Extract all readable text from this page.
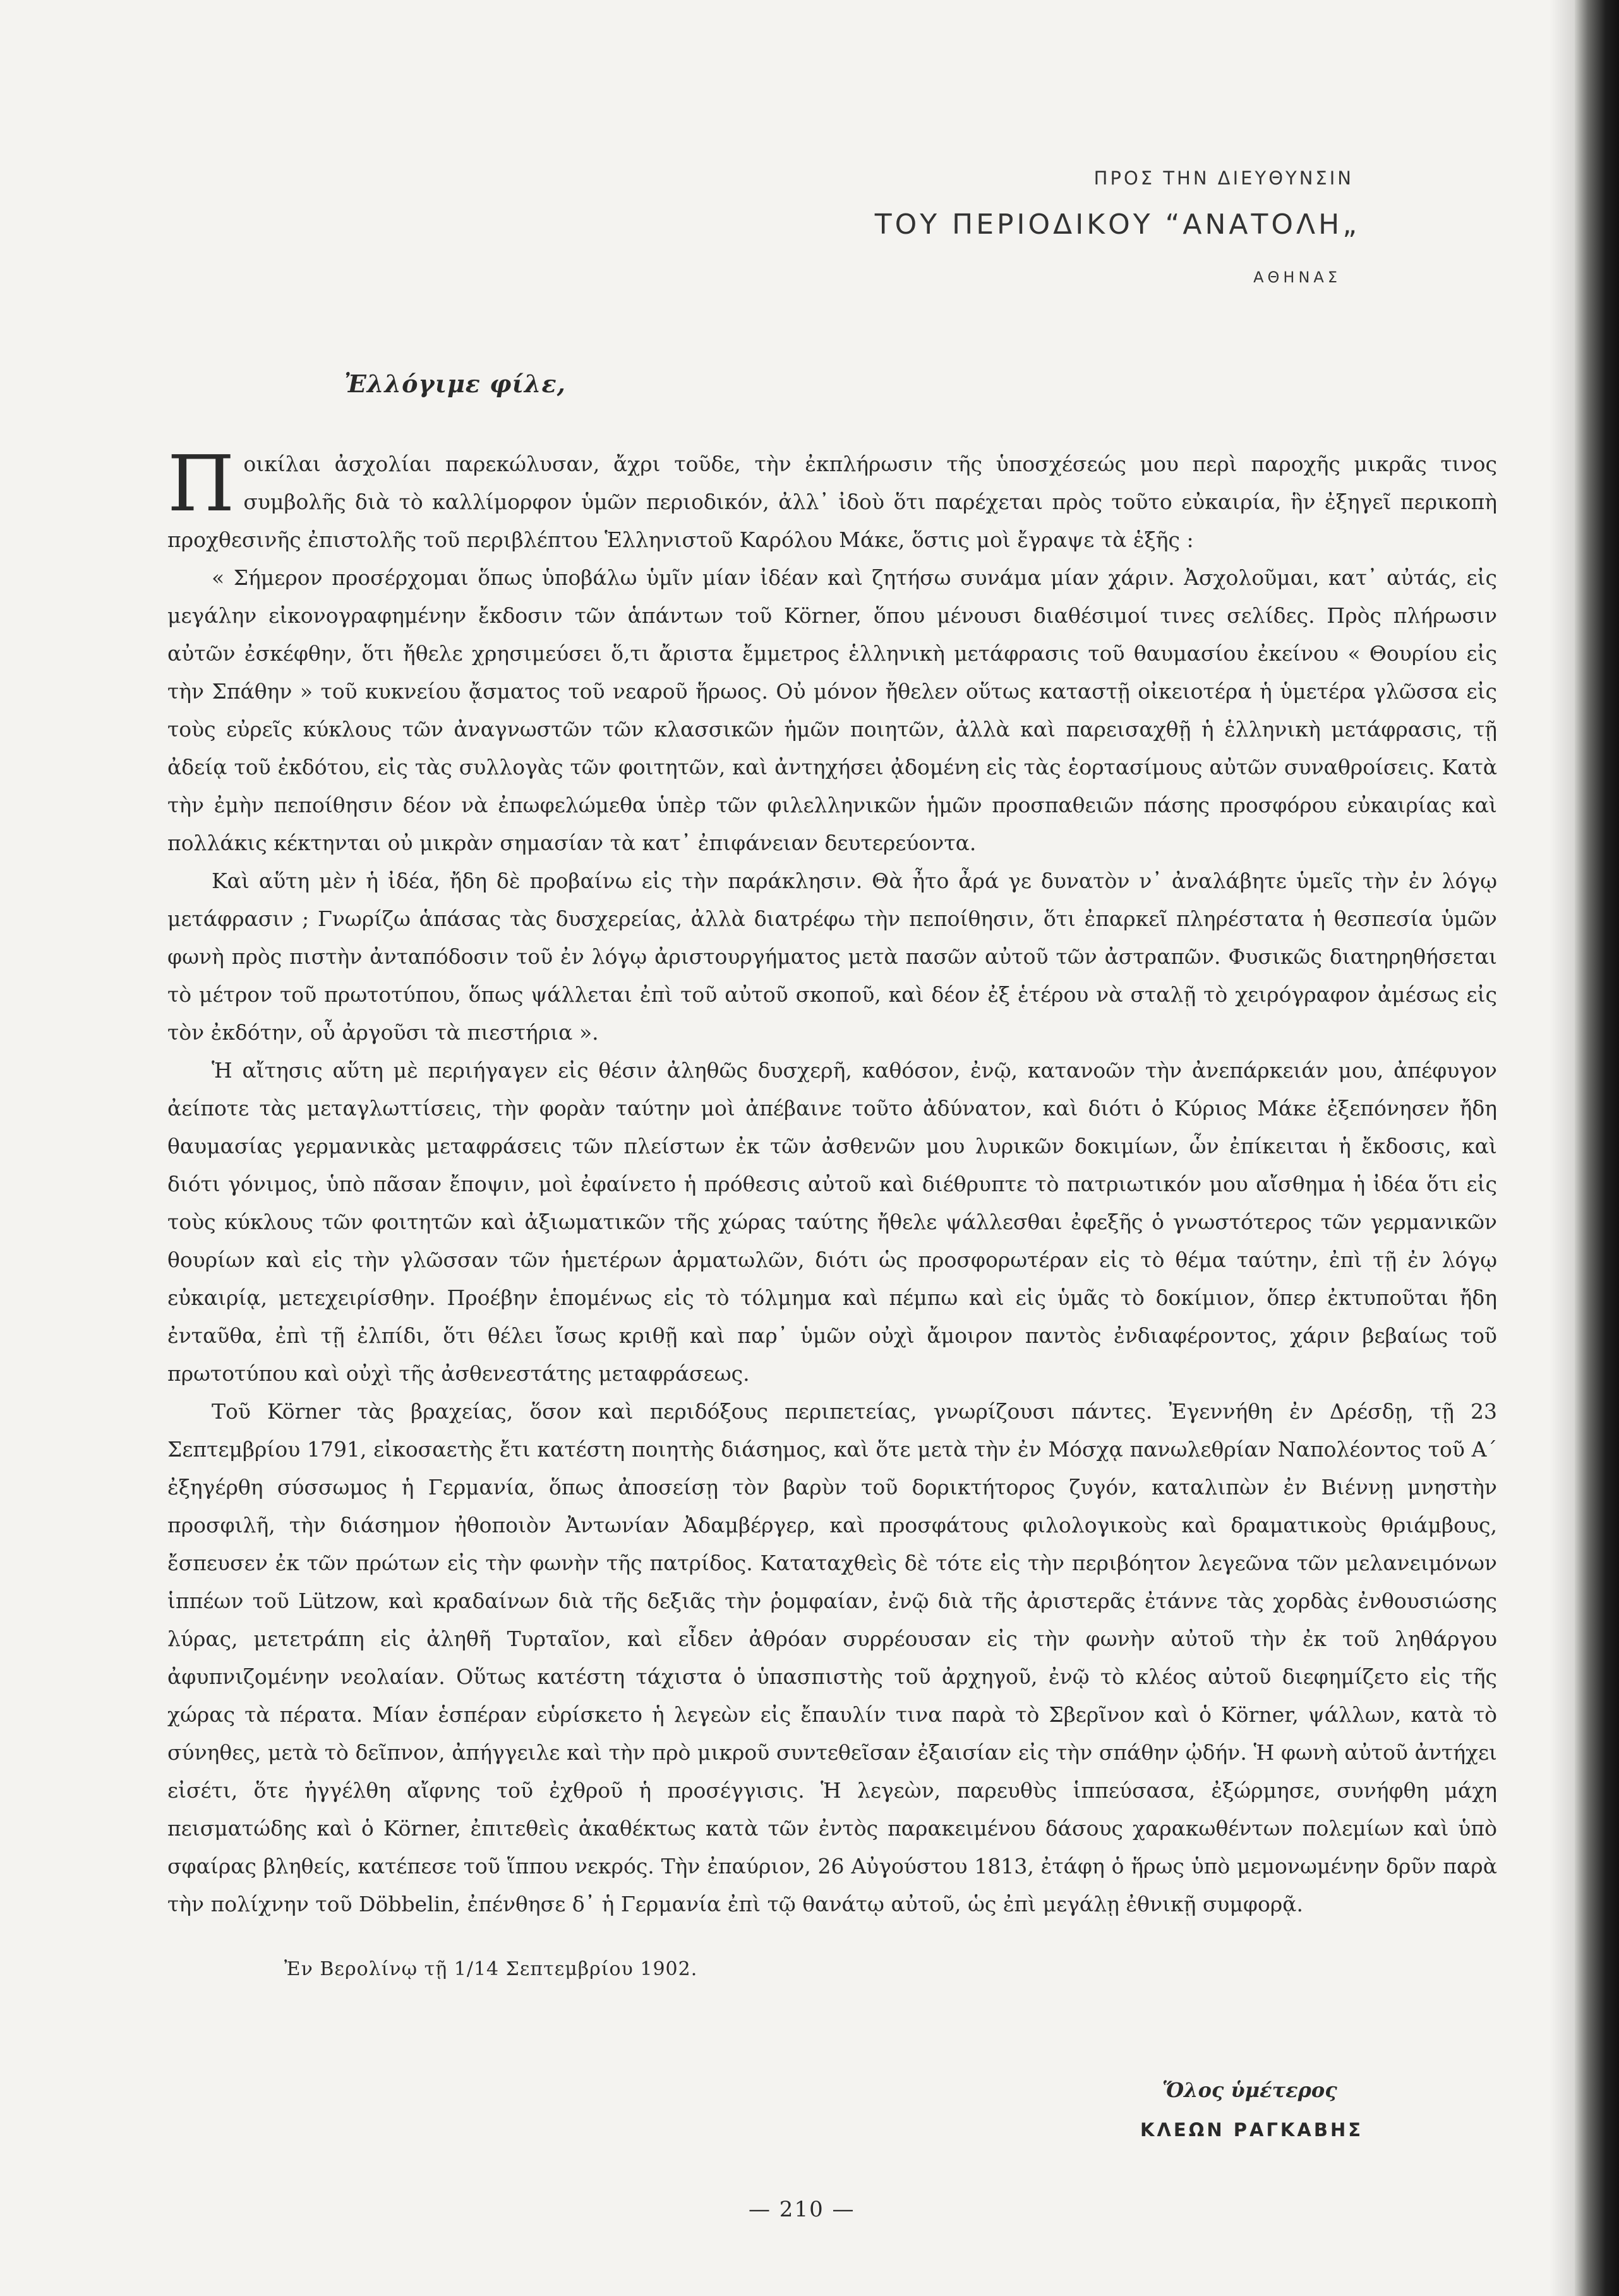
ΠΡΟΣ ΤΗΝ ΔΙΕΥΘΥΝΣΙΝ
ΤΟΥ ΠΕΡΙΟΔΙΚΟΥ “ΑΝΑΤΟΛΗ„
ΑΘΗΝΑΣ
Ἐλλόγιμε φίλε,

Ποικίλαι ἀσχολίαι παρεκώλυσαν, ἄχρι τοῦδε, τὴν ἐκπλήρωσιν τῆς ὑποσχέσεώς μου περὶ παροχῆς μικρᾶς τινος συμβολῆς διὰ τὸ καλλίμορφον ὑμῶν περιοδικόν, ἀλλ᾽ ἰδοὺ ὅτι παρέχεται πρὸς τοῦτο εὐκαιρία, ἣν ἐξηγεῖ περικοπὴ προχθεσινῆς ἐπιστολῆς τοῦ περιβλέπτου Ἑλληνιστοῦ Καρόλου Μάκε, ὅστις μοὶ ἔγραψε τὰ ἑξῆς :

« Σήμερον προσέρχομαι ὅπως ὑποβάλω ὑμῖν μίαν ἰδέαν καὶ ζητήσω συνάμα μίαν χάριν. Ἀσχολοῦμαι, κατ᾽ αὐτάς, εἰς μεγάλην εἰκονογραφημένην ἔκδοσιν τῶν ἁπάντων τοῦ Körner, ὅπου μένουσι διαθέσιμοί τινες σελίδες. Πρὸς πλήρωσιν αὐτῶν ἐσκέφθην, ὅτι ἤθελε χρησιμεύσει ὅ,τι ἄριστα ἔμμετρος ἑλληνικὴ μετάφρασις τοῦ θαυμασίου ἐκείνου « Θουρίου εἰς τὴν Σπάθην » τοῦ κυκνείου ᾄσματος τοῦ νεαροῦ ἥρωος. Οὐ μόνον ἤθελεν οὕτως καταστῇ οἰκειοτέρα ἡ ὑμετέρα γλῶσσα εἰς τοὺς εὐρεῖς κύκλους τῶν ἀναγνωστῶν τῶν κλασσικῶν ἡμῶν ποιητῶν, ἀλλὰ καὶ παρεισαχθῇ ἡ ἑλληνικὴ μετάφρασις, τῇ ἀδείᾳ τοῦ ἐκδότου, εἰς τὰς συλλογὰς τῶν φοιτητῶν, καὶ ἀντηχήσει ᾀδομένη εἰς τὰς ἑορτασίμους αὐτῶν συναθροίσεις. Κατὰ τὴν ἐμὴν πεποίθησιν δέον νὰ ἐπωφελώμεθα ὑπὲρ τῶν φιλελληνικῶν ἡμῶν προσπαθειῶν πάσης προσφόρου εὐκαιρίας καὶ πολλάκις κέκτηνται οὐ μικρὰν σημασίαν τὰ κατ᾽ ἐπιφάνειαν δευτερεύοντα.

Καὶ αὕτη μὲν ἡ ἰδέα, ἤδη δὲ προβαίνω εἰς τὴν παράκλησιν. Θὰ ἦτο ἆρά γε δυνατὸν ν᾽ ἀναλάβητε ὑμεῖς τὴν ἐν λόγῳ μετάφρασιν ; Γνωρίζω ἁπάσας τὰς δυσχερείας, ἀλλὰ διατρέφω τὴν πεποίθησιν, ὅτι ἐπαρκεῖ πληρέστατα ἡ θεσπεσία ὑμῶν φωνὴ πρὸς πιστὴν ἀνταπόδοσιν τοῦ ἐν λόγῳ ἀριστουργήματος μετὰ πασῶν αὐτοῦ τῶν ἀστραπῶν. Φυσικῶς διατηρηθήσεται τὸ μέτρον τοῦ πρωτοτύπου, ὅπως ψάλλεται ἐπὶ τοῦ αὐτοῦ σκοποῦ, καὶ δέον ἐξ ἑτέρου νὰ σταλῇ τὸ χειρόγραφον ἀμέσως εἰς τὸν ἐκδότην, οὗ ἀργοῦσι τὰ πιεστήρια ».

Ἡ αἴτησις αὕτη μὲ περιήγαγεν εἰς θέσιν ἀληθῶς δυσχερῆ, καθόσον, ἐνῷ, κατανοῶν τὴν ἀνεπάρκειάν μου, ἀπέφυγον ἀείποτε τὰς μεταγλωττίσεις, τὴν φορὰν ταύτην μοὶ ἀπέβαινε τοῦτο ἀδύνατον, καὶ διότι ὁ Κύριος Μάκε ἐξεπόνησεν ἤδη θαυμασίας γερμανικὰς μεταφράσεις τῶν πλείστων ἐκ τῶν ἀσθενῶν μου λυρικῶν δοκιμίων, ὧν ἐπίκειται ἡ ἔκδοσις, καὶ διότι γόνιμος, ὑπὸ πᾶσαν ἔποψιν, μοὶ ἐφαίνετο ἡ πρόθεσις αὐτοῦ καὶ διέθρυπτε τὸ πατριωτικόν μου αἴσθημα ἡ ἰδέα ὅτι εἰς τοὺς κύκλους τῶν φοιτητῶν καὶ ἀξιωματικῶν τῆς χώρας ταύτης ἤθελε ψάλλεσθαι ἐφεξῆς ὁ γνωστότερος τῶν γερμανικῶν θουρίων καὶ εἰς τὴν γλῶσσαν τῶν ἡμετέρων ἁρματωλῶν, διότι ὡς προσφορωτέραν εἰς τὸ θέμα ταύτην, ἐπὶ τῇ ἐν λόγῳ εὐκαιρίᾳ, μετεχειρίσθην. Προέβην ἑπομένως εἰς τὸ τόλμημα καὶ πέμπω καὶ εἰς ὑμᾶς τὸ δοκίμιον, ὅπερ ἐκτυποῦται ἤδη ἐνταῦθα, ἐπὶ τῇ ἐλπίδι, ὅτι θέλει ἴσως κριθῇ καὶ παρ᾽ ὑμῶν οὐχὶ ἄμοιρον παντὸς ἐνδιαφέροντος, χάριν βεβαίως τοῦ πρωτοτύπου καὶ οὐχὶ τῆς ἀσθενεστάτης μεταφράσεως.

Τοῦ Körner τὰς βραχείας, ὅσον καὶ περιδόξους περιπετείας, γνωρίζουσι πάντες. Ἐγεννήθη ἐν Δρέσδῃ, τῇ 23 Σεπτεμβρίου 1791, εἰκοσαετὴς ἔτι κατέστη ποιητὴς διάσημος, καὶ ὅτε μετὰ τὴν ἐν Μόσχᾳ πανωλεθρίαν Ναπολέοντος τοῦ Α´ ἐξηγέρθη σύσσωμος ἡ Γερμανία, ὅπως ἀποσείσῃ τὸν βαρὺν τοῦ δορικτήτορος ζυγόν, καταλιπὼν ἐν Βιέννῃ μνηστὴν προσφιλῆ, τὴν διάσημον ἠθοποιὸν Ἀντωνίαν Ἀδαμβέργερ, καὶ προσφάτους φιλολογικοὺς καὶ δραματικοὺς θριάμβους, ἔσπευσεν ἐκ τῶν πρώτων εἰς τὴν φωνὴν τῆς πατρίδος. Καταταχθεὶς δὲ τότε εἰς τὴν περιβόητον λεγεῶνα τῶν μελανειμόνων ἱππέων τοῦ Lützow, καὶ κραδαίνων διὰ τῆς δεξιᾶς τὴν ῥομφαίαν, ἐνῷ διὰ τῆς ἀριστερᾶς ἐτάννε τὰς χορδὰς ἐνθουσιώσης λύρας, μετετράπη εἰς ἀληθῆ Τυρταῖον, καὶ εἶδεν ἀθρόαν συρρέουσαν εἰς τὴν φωνὴν αὐτοῦ τὴν ἐκ τοῦ ληθάργου ἀφυπνιζομένην νεολαίαν. Οὕτως κατέστη τάχιστα ὁ ὑπασπιστὴς τοῦ ἀρχηγοῦ, ἐνῷ τὸ κλέος αὐτοῦ διεφημίζετο εἰς τῆς χώρας τὰ πέρατα. Μίαν ἑσπέραν εὑρίσκετο ἡ λεγεὼν εἰς ἔπαυλίν τινα παρὰ τὸ Σβερῖνον καὶ ὁ Körner, ψάλλων, κατὰ τὸ σύνηθες, μετὰ τὸ δεῖπνον, ἀπήγγειλε καὶ τὴν πρὸ μικροῦ συντεθεῖσαν ἐξαισίαν εἰς τὴν σπάθην ᾠδήν. Ἡ φωνὴ αὐτοῦ ἀντήχει εἰσέτι, ὅτε ἠγγέλθη αἴφνης τοῦ ἐχθροῦ ἡ προσέγγισις. Ἡ λεγεὼν, παρευθὺς ἱππεύσασα, ἐξώρμησε, συνήφθη μάχη πεισματώδης καὶ ὁ Körner, ἐπιτεθεὶς ἀκαθέκτως κατὰ τῶν ἐντὸς παρακειμένου δάσους χαρακωθέντων πολεμίων καὶ ὑπὸ σφαίρας βληθείς, κατέπεσε τοῦ ἵππου νεκρός. Τὴν ἐπαύριον, 26 Αὐγούστου 1813, ἐτάφη ὁ ἥρως ὑπὸ μεμονωμένην δρῦν παρὰ τὴν πολίχνην τοῦ Döbbelin, ἐπένθησε δ᾽ ἡ Γερμανία ἐπὶ τῷ θανάτῳ αὐτοῦ, ὡς ἐπὶ μεγάλῃ ἐθνικῇ συμφορᾷ.

Ἐν Βερολίνῳ τῇ 1/14 Σεπτεμβρίου 1902.
Ὅλος ὑμέτερος
ΚΛΕΩΝ ΡΑΓΚΑΒΗΣ
— 210 —
